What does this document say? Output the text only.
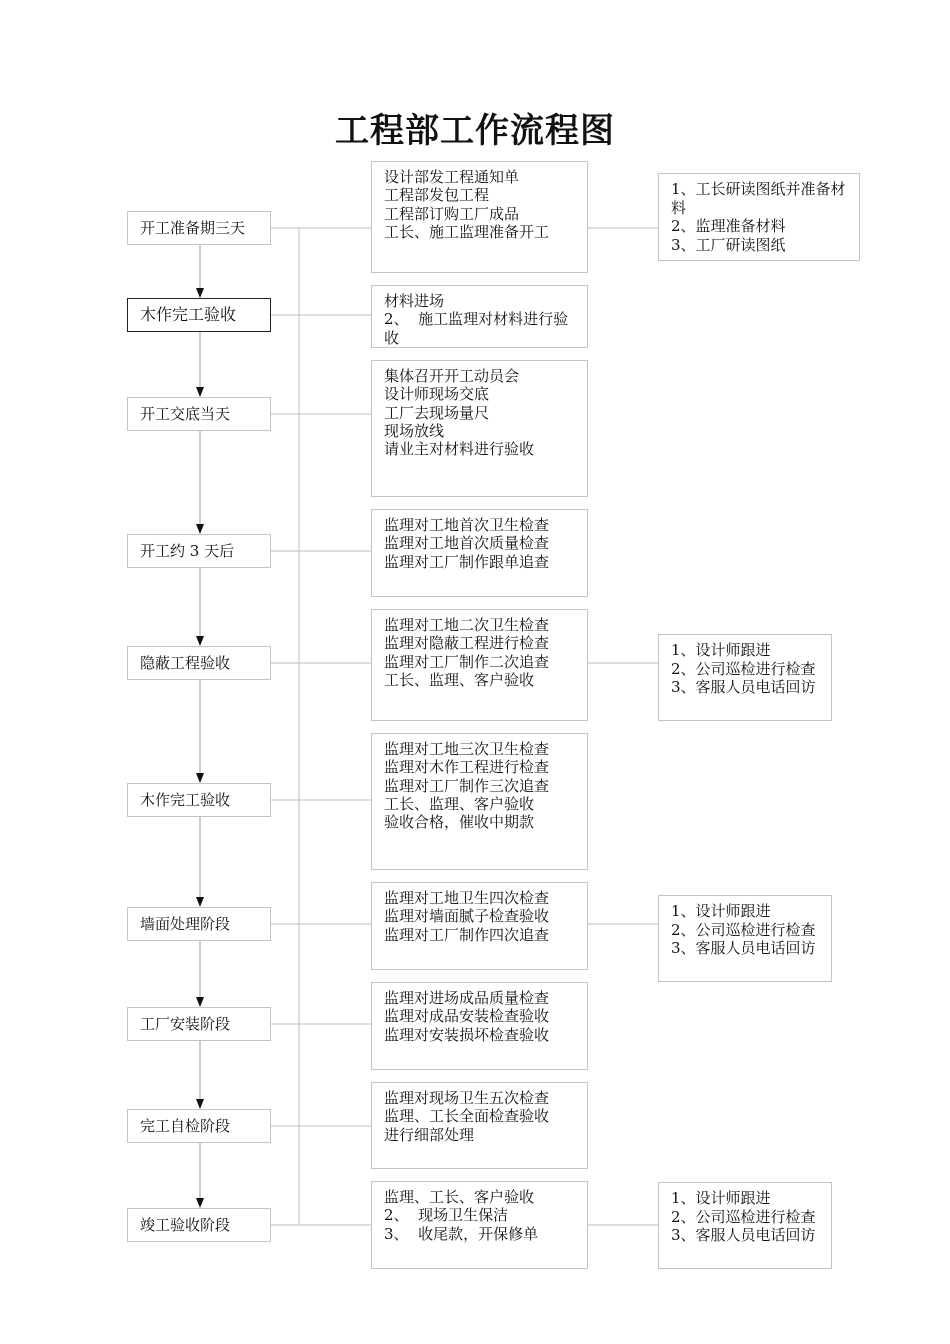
工程部工作流程图
开工准备期三天
木作完工验收
开工交底当天
开工约 3 天后
隐蔽工程验收
木作完工验收
墙面处理阶段
工厂安装阶段
完工自检阶段
竣工验收阶段
设计部发工程通知单
工程部发包工程
工程部订购工厂成品
工长、施工监理准备开工
材料进场
2、  施工监理对材料进行验收
集体召开开工动员会
设计师现场交底
工厂去现场量尺
现场放线
请业主对材料进行验收
监理对工地首次卫生检查
监理对工地首次质量检查
监理对工厂制作跟单追查
监理对工地二次卫生检查
监理对隐蔽工程进行检查
监理对工厂制作二次追查
工长、监理、客户验收
监理对工地三次卫生检查
监理对木作工程进行检查
监理对工厂制作三次追查
工长、监理、客户验收
验收合格，催收中期款
监理对工地卫生四次检查
监理对墙面腻子检查验收
监理对工厂制作四次追查
监理对进场成品质量检查
监理对成品安装检查验收
监理对安装损坏检查验收
监理对现场卫生五次检查
监理、工长全面检查验收
进行细部处理
监理、工长、客户验收
2、  现场卫生保洁
3、  收尾款，开保修单
1、工长研读图纸并准备材料
2、监理准备材料
3、工厂研读图纸
1、设计师跟进
2、公司巡检进行检查
3、客服人员电话回访
1、设计师跟进
2、公司巡检进行检查
3、客服人员电话回访
1、设计师跟进
2、公司巡检进行检查
3、客服人员电话回访
